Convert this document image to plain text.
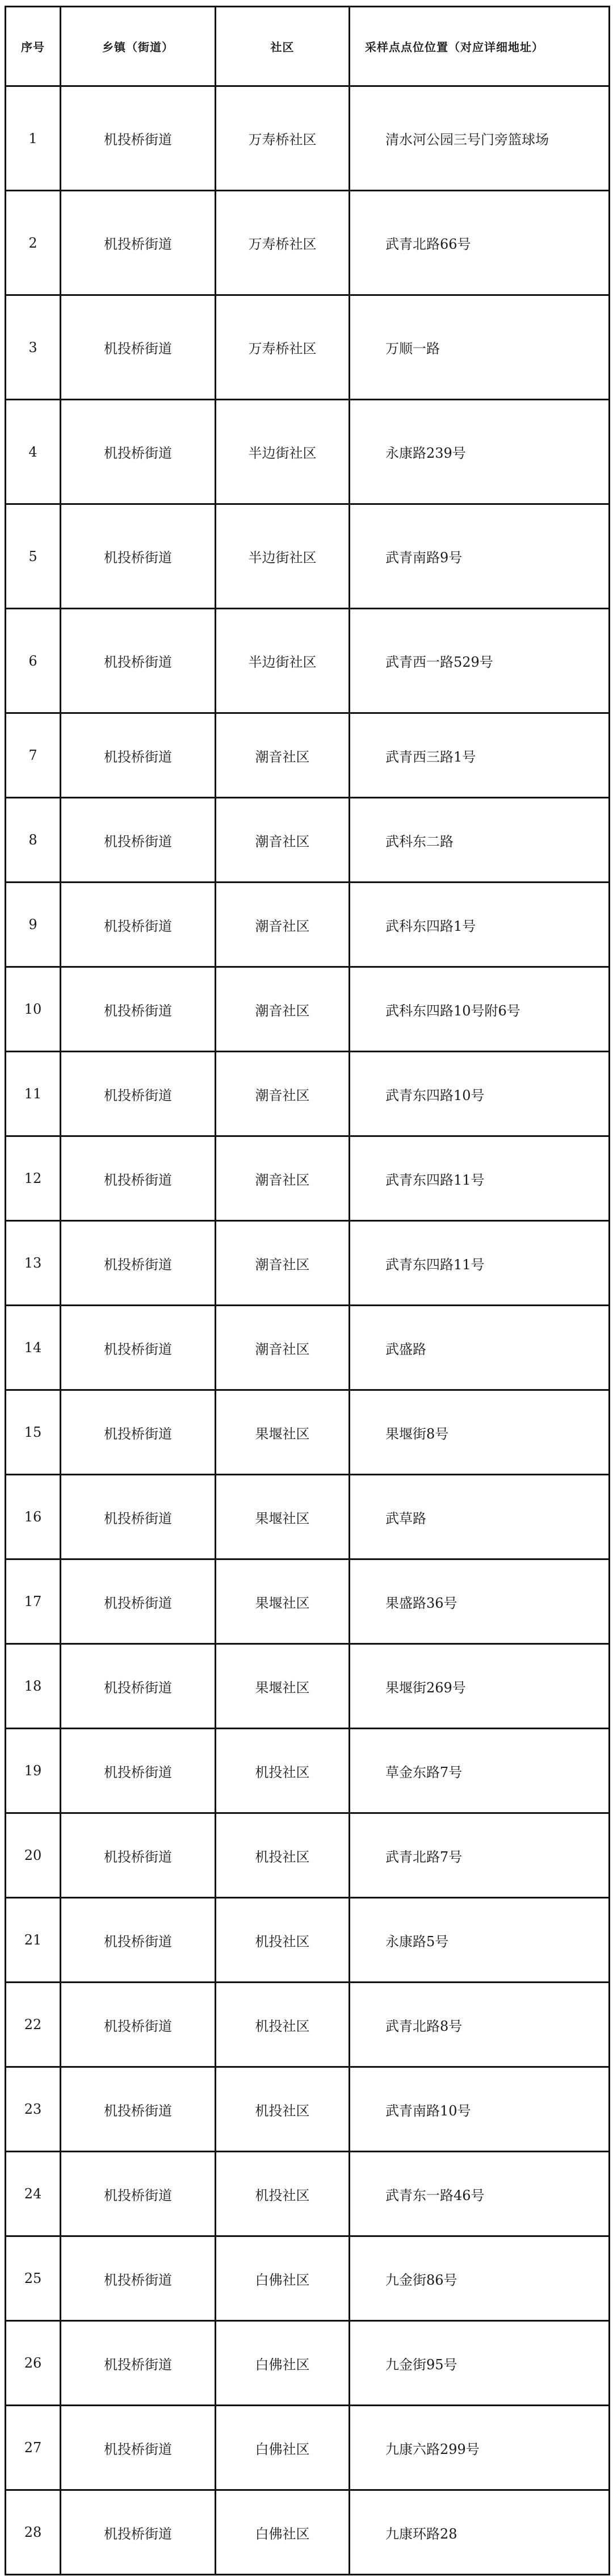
序号	乡镇（街道）	社区	采样点点位位置（对应详细地址）
1	机投桥街道	万寿桥社区	清水河公园三号门旁篮球场
2	机投桥街道	万寿桥社区	武青北路66号
3	机投桥街道	万寿桥社区	万顺一路
4	机投桥街道	半边街社区	永康路239号
5	机投桥街道	半边街社区	武青南路9号
6	机投桥街道	半边街社区	武青西一路529号
7	机投桥街道	潮音社区	武青西三路1号
8	机投桥街道	潮音社区	武科东二路
9	机投桥街道	潮音社区	武科东四路1号
10	机投桥街道	潮音社区	武科东四路10号附6号
11	机投桥街道	潮音社区	武青东四路10号
12	机投桥街道	潮音社区	武青东四路11号
13	机投桥街道	潮音社区	武青东四路11号
14	机投桥街道	潮音社区	武盛路
15	机投桥街道	果堰社区	果堰街8号
16	机投桥街道	果堰社区	武草路
17	机投桥街道	果堰社区	果盛路36号
18	机投桥街道	果堰社区	果堰街269号
19	机投桥街道	机投社区	草金东路7号
20	机投桥街道	机投社区	武青北路7号
21	机投桥街道	机投社区	永康路5号
22	机投桥街道	机投社区	武青北路8号
23	机投桥街道	机投社区	武青南路10号
24	机投桥街道	机投社区	武青东一路46号
25	机投桥街道	白佛社区	九金街86号
26	机投桥街道	白佛社区	九金街95号
27	机投桥街道	白佛社区	九康六路299号
28	机投桥街道	白佛社区	九康环路28
